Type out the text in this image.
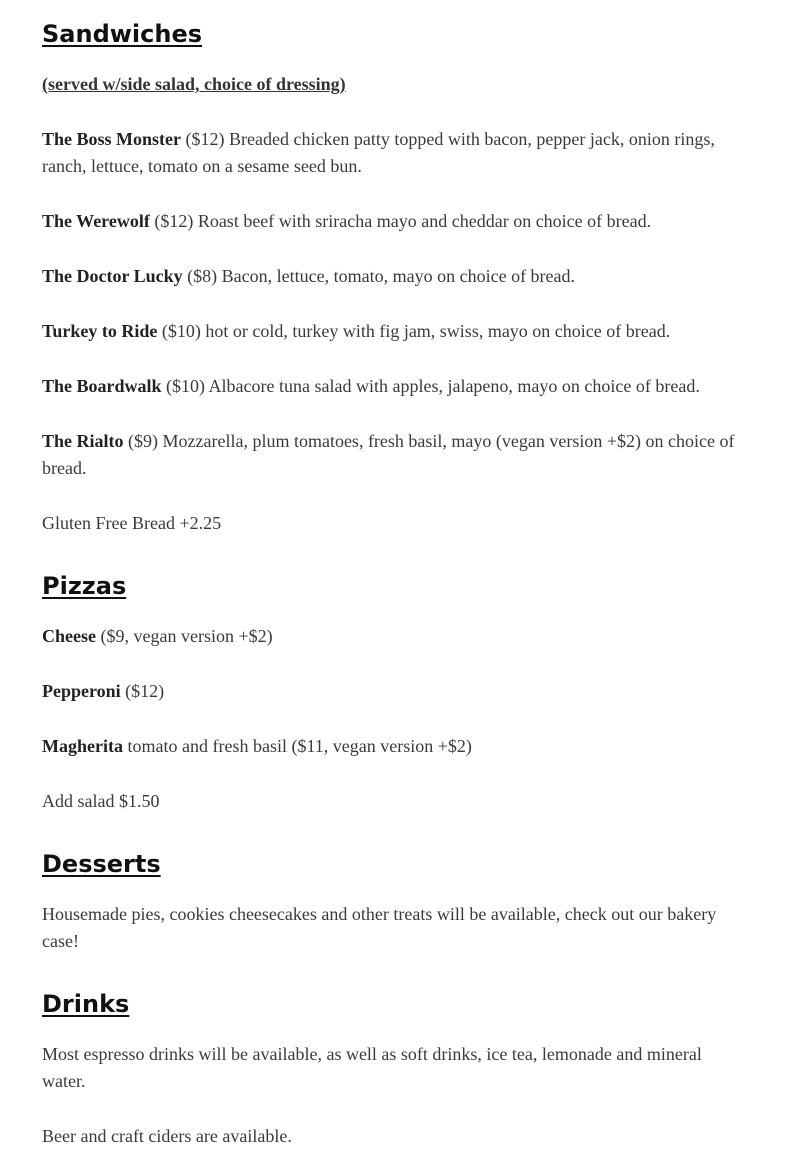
Sandwiches

(served w/side salad, choice of dressing)

The Boss Monster ($12) Breaded chicken patty topped with bacon, pepper jack, onion rings, ranch, lettuce, tomato on a sesame seed bun.

The Werewolf ($12) Roast beef with sriracha mayo and cheddar on choice of bread.

The Doctor Lucky ($8) Bacon, lettuce, tomato, mayo on choice of bread.

Turkey to Ride ($10) hot or cold, turkey with fig jam, swiss, mayo on choice of bread.

The Boardwalk ($10) Albacore tuna salad with apples, jalapeno, mayo on choice of bread.

The Rialto ($9) Mozzarella, plum tomatoes, fresh basil, mayo (vegan version +$2) on choice of bread.

Gluten Free Bread +2.25

Pizzas

Cheese ($9, vegan version +$2)

Pepperoni ($12)

Magherita tomato and fresh basil ($11, vegan version +$2)

Add salad $1.50

Desserts

Housemade pies, cookies cheesecakes and other treats will be available, check out our bakery case!

Drinks

Most espresso drinks will be available, as well as soft drinks, ice tea, lemonade and mineral water.

Beer and craft ciders are available.
